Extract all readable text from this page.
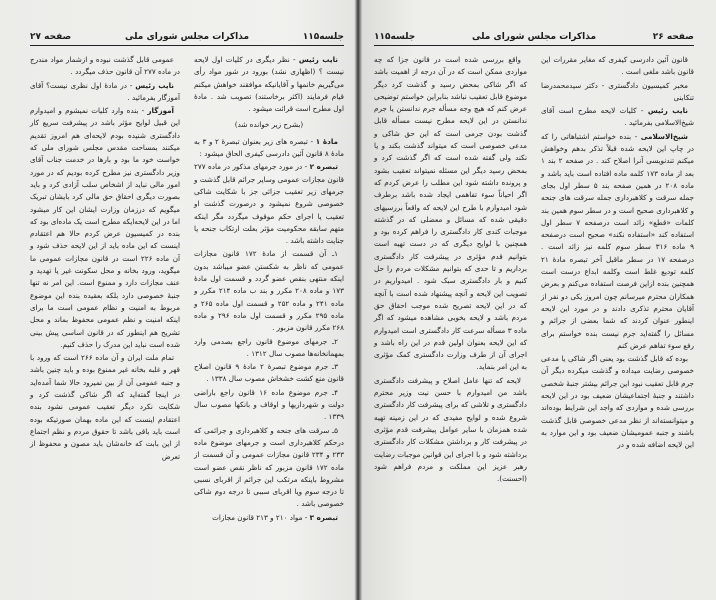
صفحه ۲۷	مذاکرات مجلس شورای ملی	جلسه۱۱۵

نایب رئیس - نظر دیگری در کلیات اول لایحه نیست ؟ (اظهاری نشد) بورود در شور مواد رأی می‌گیریم خانمها و آقایانیکه موافقند خواهش میکنم قیام فرمایند (اکثر برخاستند) تصویب شد . مادهٔ اول مطرح است قرائت میشود .

(بشرح زیر خوانده شد)

مادهٔ ۱ - تبصره های زیر بعنوان تبصرهٔ ۲ و ۳ به مادهٔ ۸ قانون آئین دادرسی کیفری الحاق میشود :

تبصره ۲ - در مورد جرمهای مذکور در ماده ۲۷۷ قانون مجازات عمومی وسایر جرائم قابل گذشت و جرمهای زیر تعقیب جزائی جز با شکایت شاکی خصوصی شروع نمیشود و درصورت گذشت او تعقیب یا اجرای حکم موقوف میگردد مگر اینکه متهم سابقه محکومیت مؤثر بعلت ارتکاب جنحه یا جنایت داشته باشد .

۱ـ آن قسمت از مادهٔ ۱۷۲ قانون مجازات عمومی که ناظر به شکستن عضو میباشد بدون اینکه منتهی بنقص عضو گردد و قسمت اول مادهٔ ۱۷۳ و ماده ۲۰۸ مکرر و بند ب ماده ۲۱۴ مکرر و ماده ۲۴۱ و ماده ۲۵۲ و قسمت اول ماده ۲۶۵ و ماده ۲۹۵ مکرر و قسمت اول ماده ۲۹۶ و ماده ۲۶۸ مکرر قانون مزبور .

۲ـ جرمهای موضوع قانون راجع بصدمی وارد بمهمانخانه‌ها مصوب سال ۱۳۱۲ .

۳ـ جرم موضوع تبصرهٔ ۲ مادهٔ ۹ قانون اصلاح قانون منع کشت خشخاش مصوب سال ۱۳۳۸ .

۴ـ جرم موضوع ماده ۱۶ قانون راجع باراضی دولت و شهرداریها و اوقاف و بانکها مصوب سال ۱۳۳۹ .

۵ـ سرقت های جنحه و کلاهبرداری و جرائمی که درحکم کلاهبرداری است و جرمهای موضوع ماده ۲۳۳ و ۲۳۴ قانون مجازات عمومی و آن قسمت از ماده ۱۷۲ قانون مزبور که ناظر نقص عضو است مشروط باینکه مرتکب این جرائم از اقربای نسبی تا درجه سوم ویا اقربای سببی تا درجه دوم شاکی خصوصی باشد .

تبصره ۳ - مواد ۲۱۰ و ۲۱۳ قانون مجازات

عمومی قابل گذشت نبوده و ازشمار مواد مندرج در ماده ۲۷۷ آن قانون حذف میگردد .

نایب رئیس - در مادهٔ اول نظری نیست؟ آقای آموزگار بفرمائید .

آموزگار - بنده وارد کلیات نمیشوم و امیدوارم این قبیل لوایح مؤثر باشد در پیشرفت سریع کار دادگستری شنیده بودم لایحه‌ای هم امروز تقدیم میکنند بمساحت مقدس مجلس شورای ملی که خواست خود ما بود و بارها در خدمت جناب آقای وزیر دادگستری نیز مطرح کرده بودیم که در مورد امور مالی نباید از اشخاص سلب آزادی کرد و باید بصورت دیگری احقاق حق مالی کرد بایشان تبریک میگویم که درزمان وزارت ایشان این کار میشود اما در این لایحه‌ایکه مطرح است یک ماده‌ای بود که بنده در کمیسیون عرض کردم حالا هم اعتقادم اینست که این ماده باید از این لایحه حذف شود و آن ماده ۲۲۶ است در قانون مجازات عمومی ما میگوید، ورود بخانه و محل سکونت غیر یا تهدید و عنف مجازات دارد و ممنوع است. این امر نه تنها جنبهٔ خصوصی دارد بلکه بعقیده بنده این موضوع مربوط به امنیت و نظام عمومی است ما برای اینکه امنیت و نظم عمومی محفوظ بماند و محل تشریح هم اینطور که در قانون اساسی پیش بینی شده است نباید این مدرک را حذف کنیم.

تمام ملت ایران و آن ماده ۲۶۶ است که ورود با قهر و غلبه بخانه غیر ممنوع بوده و باید چنین باشد و جنبه عمومی آن از بین نمیرود حالا شما آمده‌اید در اینجا گفته‌اید که اگر شاکی گذشت کرد و شکایت نکرد دیگر تعقیب عمومی نشود بنده اعتقادم اینست که این ماده بهمان صورتیکه بوده است باید باقی باشد تا حقوق مردم و نظم اجتماع از این بابت که خانه‌شان باید مصون و محفوظ از تعرض

صفحه ۲۶
مذاکرات مجلس شورای ملی
جلسه۱۱۵

قانون آئین دادرسی کیفری که مغایر مقررات این قانون باشد ملغی است .

مخبر کمیسیون دادگستری - دکتر سیدمحمدرضا تنکابنی

نایب رئیس - کلیات لایحه مطرح است آقای شیخ‌الاسلامی بفرمائید .

شیخ‌الاسلامی - بنده خواستم اشتباهاتی را که در چاپ این لایحه شده قبلاً تذکر بدهم وخواهش میکنم تندنویسی آنرا اصلاح کند . در صفحه ۲ بند ۱ بعد از ماده ۱۷۳ کلمه ماده افتاده است باید باشد و ماده ۲۰۸ در همین صفحه بند ۵ سطر اول بجای جمله سرقت و کلاهبرداری جمله سرقت های جنحه و کلاهبرداری صحیح است و در سطر سوم همین بند کلمات «قطع» زائد است درصفحه ۷ سطر اول استفاده کند «استفاده نکند» صحیح است درصفحه ۹ ماده ۳۱۶ سطر سوم کلمه نیز زائد است . درصفحه ۱۷ در سطر ماقبل آخر تبصره مادهٔ ۲۱ کلمه تودیع غلط است وکلمه ابداع درست است همچنین بنده ازاین فرصت استفاده می‌کنم و بعرض همکاران محترم میرسانم چون امروز یکی دو نفر از آقایان محترم تذکری دادند و در مورد این لایحه اینطور عنوان کردند که شما بعضی از جرائم و مسائل را گفته‌اید جرم نیست بنده خواستم برای رفع سوء تفاهم عرض کنم

بوده که قابل گذشت بود یعنی اگر شاکی یا مدعی خصوصی رضایت میداده و گذشت میکرده دیگر آن جرم قابل تعقیب نبود این جرائم بیشتر جنبهٔ شخصی داشتند و جنبهٔ اجتماعیشان ضعیف بود در این لایحه بررسی شده و مواردی که واجد این شرایط بوده‌اند و میتوانسته‌اند از نظر مدعی خصوصی قابل گذشت باشند و جنبه عمومیشان ضعیف بود و این موارد به این لایحه اضافه شده و در

واقع بررسی شده است در قانون جزا که چه مواردی ممکن است که در آن درجه از اهمیت باشد که اگر شاکی بمحض رسید و گذشت کرد دیگر موضوع قابل تعقیب نباشد بنابراین خواستم توضیحی عرض کنم که هیچ وجه مسأله جرم ندانستن یا جرم ندانستن در این لایحه مطرح نیست مسأله قابل گذشت بودن جرمی است که این حق شاکی و مدعی خصوصی است که میتواند گذشت بکند و یا نکند ولی گفته شده است که اگر گذشت کرد و بمحض رسید دیگر این مسئله نمیتواند تعقیب بشود و پرونده داشته شود این مطلب را عرض کردم که اگر احیاناً سوء تفاهمی ایجاد شده باشد برطرف شود امیدوارم با طرح این لایحه که واقعاً بررسیهای دقیقی شده که مسائل و معضلی که در گذشته موجبات کندی کار دادگستری را فراهم کرده بود و همچنین با لوایح دیگری که در دست تهیه است بتوانیم قدم مؤثری در پیشرفت کار دادگستری برداریم و تا حدی که بتوانیم مشکلات مردم را حل کنیم و بار دادگستری سبک شود . امیدواریم در تصویب این لایحه و آنچه پیشنهاد شده است با آنچه که در این لایحه تصریح شده موجب احقاق حق مردم باشد و لایحه بخوبی مشاهده میشود که اگر ماده ۳ مسأله سرعت کار دادگستری است امیدوارم که این لایحه بعنوان اولین قدم در این راه باشد و اجرای آن از طرف وزارت دادگستری کمک مؤثری به این امر بنماید.

لایحه که تنها عامل اصلاح و پیشرفت دادگستری باشد من امیدوارم با حسن نیت وزیر محترم دادگستری و تلاشی که برای پیشرفت کار دادگستری شروع شده و لوایح مفیدی که در این زمینه تهیه شده همزمان با سایر عوامل پیشرفت قدم مؤثری در پیشرفت کار و برداشتن مشکلات کار دادگستری برداشته شود و با اجرای این قوانین موجبات رضایت رهبر عزیز این مملکت و مردم فراهم شود (احسنت).
